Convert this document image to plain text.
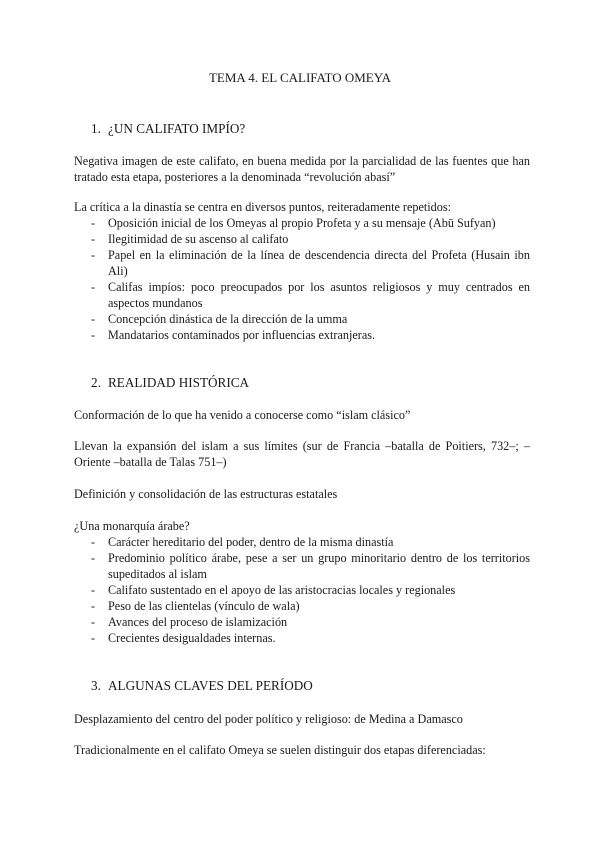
TEMA 4. EL CALIFATO OMEYA
1. ¿UN CALIFATO IMPÍO?
Negativa imagen de este califato, en buena medida por la parcialidad de las fuentes que han tratado esta etapa, posteriores a la denominada “revolución abasí”
La crítica a la dinastía se centra en diversos puntos, reiteradamente repetidos:
- Oposición inicial de los Omeyas al propio Profeta y a su mensaje (Abū Sufyan)
- Ilegitimidad de su ascenso al califato
- Papel en la eliminación de la línea de descendencia directa del Profeta (Husain ibn Ali)
- Califas impíos: poco preocupados por los asuntos religiosos y muy centrados en aspectos mundanos
- Concepción dinástica de la dirección de la umma
- Mandatarios contaminados por influencias extranjeras.
2. REALIDAD HISTÓRICA
Conformación de lo que ha venido a conocerse como “islam clásico”
Llevan la expansión del islam a sus límites (sur de Francia –batalla de Poitiers, 732–; –Oriente –batalla de Talas 751–)
Definición y consolidación de las estructuras estatales
¿Una monarquía árabe?
- Carácter hereditario del poder, dentro de la misma dinastía
- Predominio político árabe, pese a ser un grupo minoritario dentro de los territorios supeditados al islam
- Califato sustentado en el apoyo de las aristocracias locales y regionales
- Peso de las clientelas (vínculo de wala)
- Avances del proceso de islamización
- Crecientes desigualdades internas.
3. ALGUNAS CLAVES DEL PERÍODO
Desplazamiento del centro del poder político y religioso: de Medina a Damasco
Tradicionalmente en el califato Omeya se suelen distinguir dos etapas diferenciadas:
